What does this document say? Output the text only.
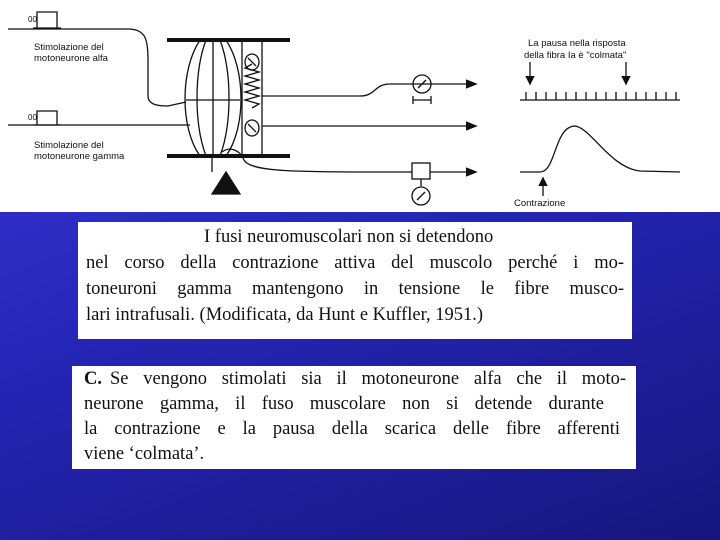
00
00
Stimolazione del
motoneurone alfa
Stimolazione del
motoneurone gamma
La pausa nella risposta
della fibra Ia è "colmata"
Contrazione
I fusi neuromuscolari non si detendono
nel corso della contrazione attiva del muscolo perché i mo-
toneuroni gamma mantengono in tensione le fibre musco-
lari intrafusali. (Modificata, da Hunt e Kuffler, 1951.)
C. Se vengono stimolati sia il motoneurone alfa che il moto-
neurone gamma, il fuso muscolare non si detende durante
la contrazione e la pausa della scarica delle fibre afferenti
viene ‘colmata’.
